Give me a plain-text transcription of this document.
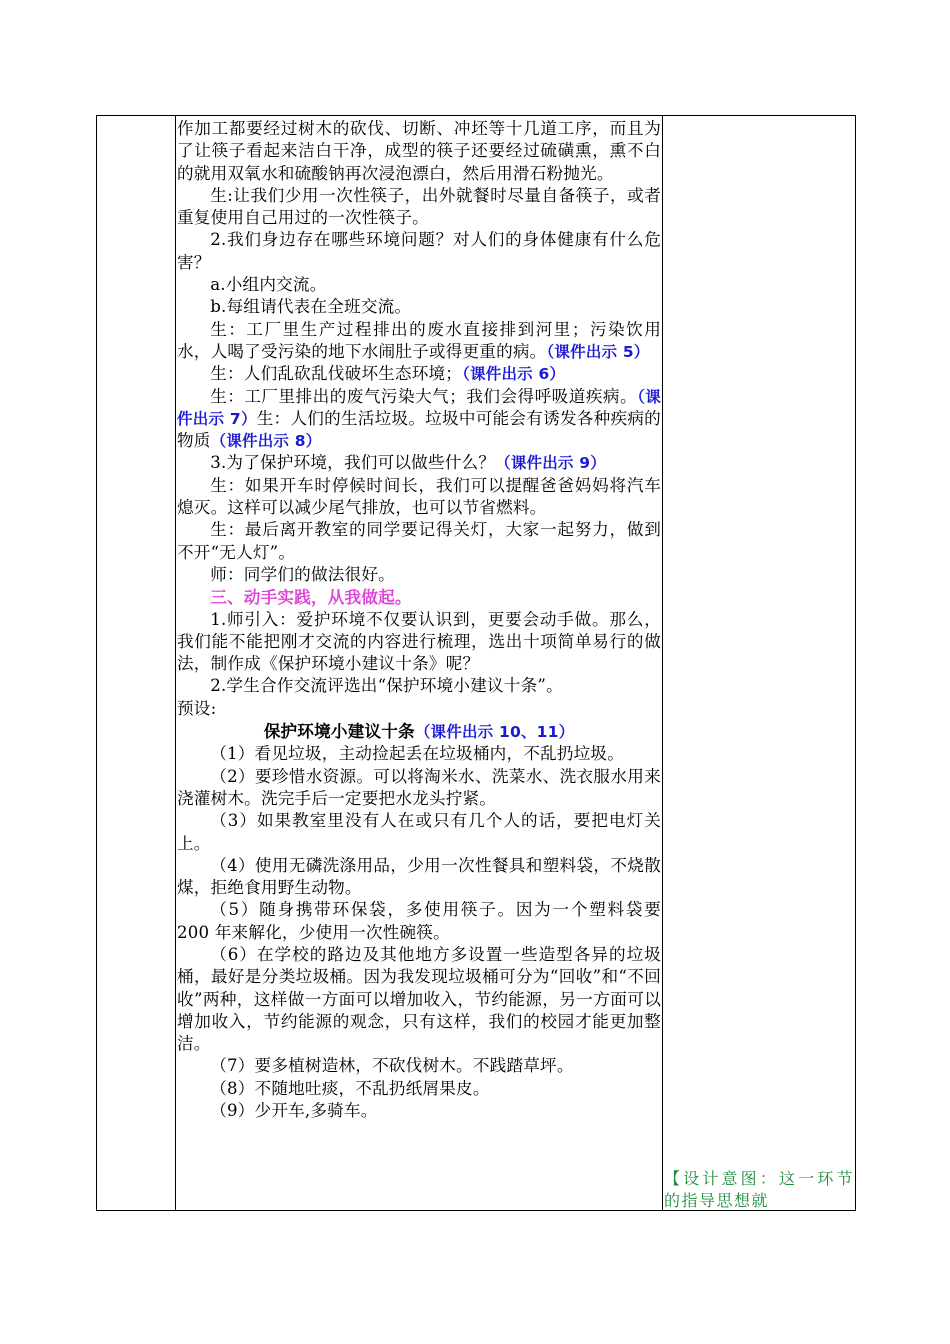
作加工都要经过树木的砍伐、切断、冲坯等十几道工序，而且为了让筷子看起来洁白干净，成型的筷子还要经过硫磺熏，熏不白的就用双氧水和硫酸钠再次浸泡漂白，然后用滑石粉抛光。

生:让我们少用一次性筷子，出外就餐时尽量自备筷子，或者重复使用自己用过的一次性筷子。

2.我们身边存在哪些环境问题？对人们的身体健康有什么危害？

a.小组内交流。

b.每组请代表在全班交流。

生：工厂里生产过程排出的废水直接排到河里；污染饮用水，人喝了受污染的地下水闹肚子或得更重的病。（课件出示 5）

生：人们乱砍乱伐破坏生态环境；（课件出示 6）

生：工厂里排出的废气污染大气；我们会得呼吸道疾病。（课件出示 7）生：人们的生活垃圾。垃圾中可能会有诱发各种疾病的物质（课件出示 8）

3.为了保护环境，我们可以做些什么？（课件出示 9）

生：如果开车时停候时间长，我们可以提醒爸爸妈妈将汽车熄灭。这样可以减少尾气排放，也可以节省燃料。

生：最后离开教室的同学要记得关灯，大家一起努力，做到不开“无人灯”。

师：同学们的做法很好。

三、动手实践，从我做起。

1.师引入：爱护环境不仅要认识到，更要会动手做。那么，我们能不能把刚才交流的内容进行梳理，选出十项简单易行的做法，制作成《保护环境小建议十条》呢？

2.学生合作交流评选出“保护环境小建议十条”。

预设:

保护环境小建议十条（课件出示 10、11）

（1）看见垃圾，主动捡起丢在垃圾桶内，不乱扔垃圾。

（2）要珍惜水资源。可以将淘米水、洗菜水、洗衣服水用来浇灌树木。洗完手后一定要把水龙头拧紧。

（3）如果教室里没有人在或只有几个人的话，要把电灯关上。

（4）使用无磷洗涤用品，少用一次性餐具和塑料袋，不烧散煤，拒绝食用野生动物。

（5）随身携带环保袋，多使用筷子。因为一个塑料袋要 200 年来解化，少使用一次性碗筷。

（6）在学校的路边及其他地方多设置一些造型各异的垃圾桶，最好是分类垃圾桶。因为我发现垃圾桶可分为“回收”和“不回收”两种，这样做一方面可以增加收入，节约能源，另一方面可以增加收入，节约能源的观念，只有这样，我们的校园才能更加整洁。

（7）要多植树造林，不砍伐树木。不践踏草坪。

（8）不随地吐痰，不乱扔纸屑果皮。

（9）少开车,多骑车。

【设计意图：这一环节的指导思想就
